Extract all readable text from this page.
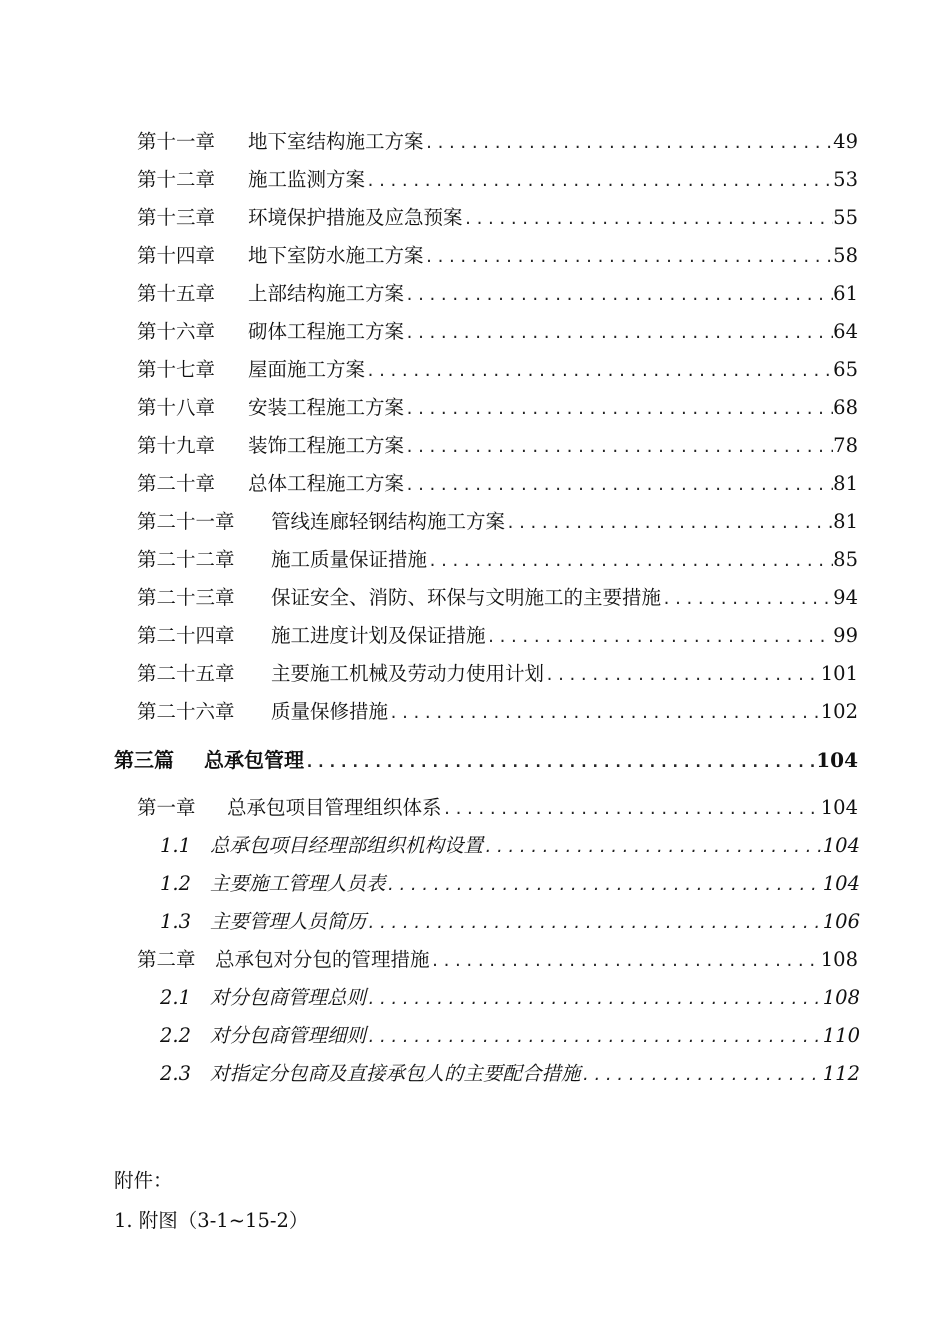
第十一章	地下室结构施工方案 .....	49
第十二章	施工监测方案 .....	53
第十三章	环境保护措施及应急预案 .....	55
第十四章	地下室防水施工方案 .....	58
第十五章	上部结构施工方案 .....	61
第十六章	砌体工程施工方案 .....	64
第十七章	屋面施工方案 .....	65
第十八章	安装工程施工方案 .....	68
第十九章	装饰工程施工方案 .....	78
第二十章	总体工程施工方案 .....	81
第二十一章	管线连廊轻钢结构施工方案 .....	81
第二十二章	施工质量保证措施 .....	85
第二十三章	保证安全、消防、环保与文明施工的主要措施 .....	94
第二十四章	施工进度计划及保证措施 .....	99
第二十五章	主要施工机械及劳动力使用计划 .....	101
第二十六章	质量保修措施 .....	102
第三篇	总承包管理 .....	104
第一章	总承包项目管理组织体系 .....	104
1.1 总承包项目经理部组织机构设置 .....	104
1.2 主要施工管理人员表 .....	104
1.3 主要管理人员简历 .....	106
第二章 总承包对分包的管理措施 .....	108
2.1 对分包商管理总则 .....	108
2.2 对分包商管理细则 .....	110
2.3 对指定分包商及直接承包人的主要配合措施 .....	112
附件：
1. 附图（3-1~15-2）
